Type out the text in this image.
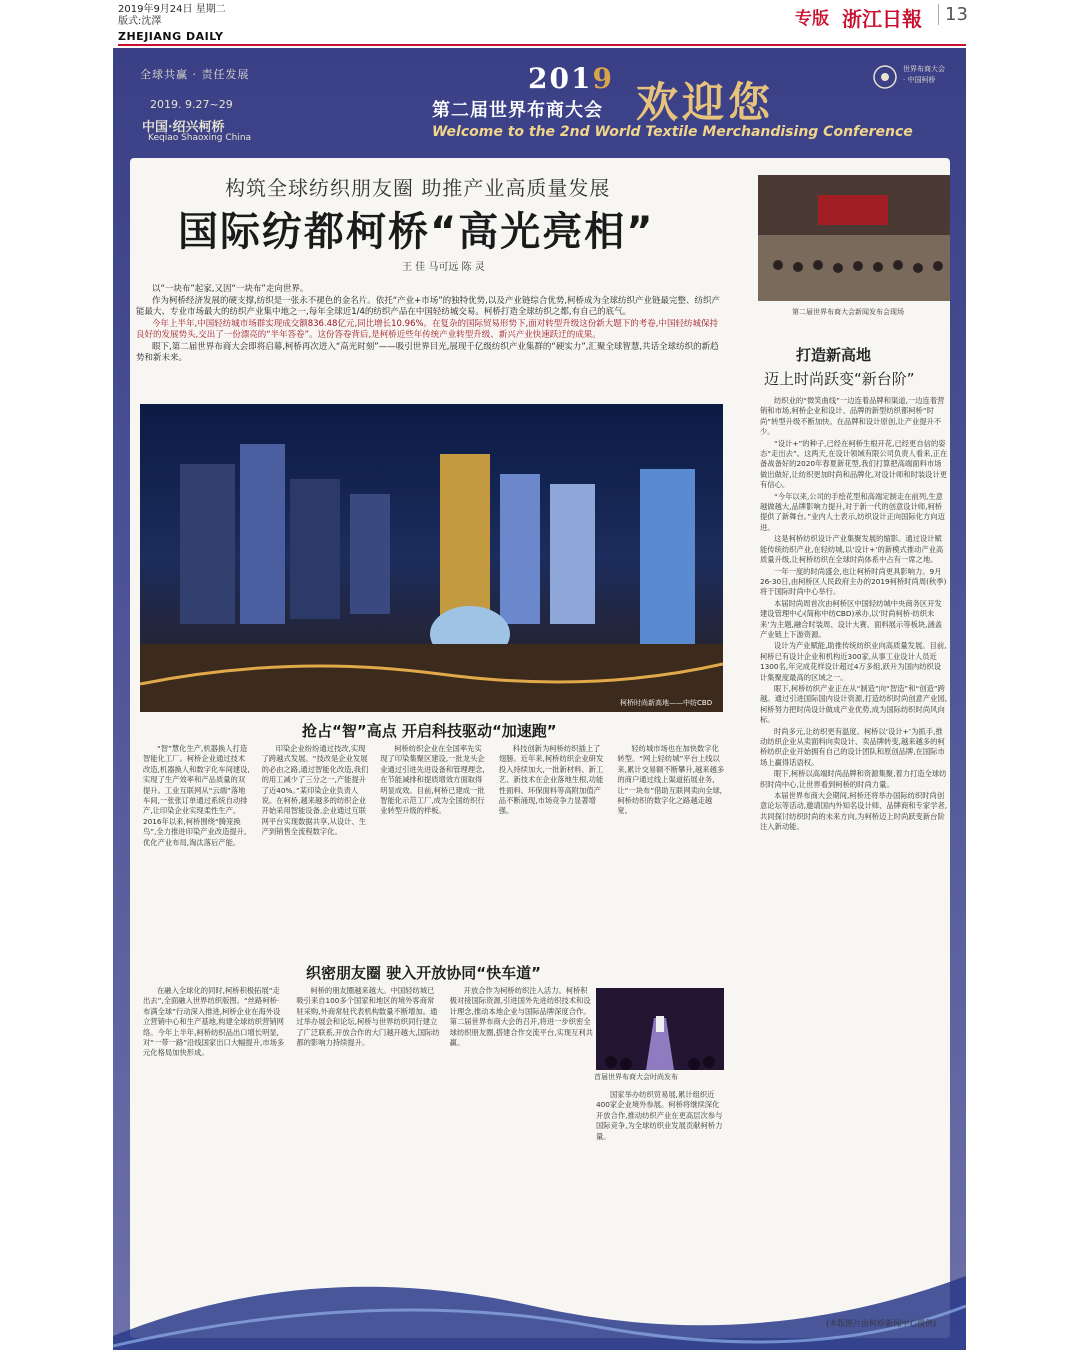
2019年9月24日 星期二
版式:沈澤
ZHEJIANG DAILY
专版 浙江日報	13
全球共赢 · 责任发展
2019. 9.27~29
中国·绍兴柯桥
Keqiao Shaoxing China
2019
第二届世界布商大会 欢迎您
Welcome to the 2nd World Textile Merchandising Conference
世界布商大会 · 中国柯桥
构筑全球纺织朋友圈 助推产业高质量发展
国际纺都柯桥“高光亮相”
王 佳 马可远 陈 灵

以“一块布”起家,又因“一块布”走向世界。

作为柯桥经济发展的硬支撑,纺织是一张永不褪色的金名片。依托“产业+市场”的独特优势,以及产业链综合优势,柯桥成为全球纺织产业链最完整、纺织产能最大、专业市场最大的纺织产业集中地之一,每年全球近1/4的纺织产品在中国轻纺城交易。柯桥打造全球纺织之都,有自己的底气。

今年上半年,中国轻纺城市场群实现成交额836.48亿元,同比增长10.96%。在复杂的国际贸易形势下,面对转型升级这份新大题下的考卷,中国轻纺城保持良好的发展势头,交出了一份漂亮的“半年答卷”。这份答卷背后,是柯桥近些年传统产业转型升级、新兴产业快速跃迁的成果。

眼下,第二届世界布商大会即将启幕,柯桥再次进入“高光时刻”——吸引世界目光,展现千亿级纺织产业集群的“硬实力”,汇聚全球智慧,共话全球纺织的新趋势和新未来。

柯桥时尚新高地——中纺CBD
第二届世界布商大会新闻发布会现场
打造新高地
迈上时尚跃变“新台阶”

纺织业的“微笑曲线”一边连着品牌和渠道,一边连着营销和市场,柯桥企业和设计、品牌的新型纺织都柯桥“时尚”转型升级不断加快。在品牌和设计原创,让产业提升不少。

“设计+”的种子,已经在柯桥生根开花,已经更自信的姿态“走出去”。这两天,在设计领域有限公司负责人看来,正在备战备好的2020年春夏新花型,我们打算把高端面料市场做出做好,让纺织更加时尚和品牌化,对设计师和时装设计更有信心。

“今年以来,公司的手绘花型和高端定制走在前列,生意越做越大,品牌影响力提升,对于新一代的创意设计师,柯桥提供了新舞台。”业内人士表示,纺织设计正向国际化方向迈进。

这是柯桥纺织设计产业集聚发展的缩影。通过设计赋能传统纺织产业,在轻纺城,以‘设计+’的新模式推动产业高质量升级,让柯桥纺织在全球时尚体系中占有一席之地。

一年一度的时尚盛会,也让柯桥时尚更具影响力。9月26-30日,由柯桥区人民政府主办的2019柯桥时尚周(秋季)将于国际时尚中心举行。

本届时尚周首次由柯桥区中国轻纺城中央商务区开发建设管理中心(简称中纺CBD)承办,以‘时尚柯桥·纺织未来’为主题,融合时装周、设计大赛、面料展示等板块,涵盖产业链上下游资源。

设计为产业赋能,助推传统纺织业向高质量发展。目前,柯桥已有设计企业和机构近300家,从事工业设计人员近1300名,年完成花样设计超过4万多组,跃升为国内纺织设计集聚度最高的区域之一。

眼下,柯桥纺织产业正在从“制造”向“智造”和“创造”跨越。通过引进国际国内设计资源,打造纺织时尚创意产业园,柯桥努力把时尚设计做成产业优势,成为国际纺织时尚风向标。

时尚多元,让纺织更有温度。柯桥以‘设计+’为抓手,推动纺织企业从卖面料向卖设计、卖品牌转变,越来越多的柯桥纺织企业开始拥有自己的设计团队和原创品牌,在国际市场上赢得话语权。

眼下,柯桥以高端时尚品牌和资源集聚,着力打造全球纺织时尚中心,让世界看到柯桥的时尚力量。

本届世界布商大会期间,柯桥还将举办国际纺织时尚创意论坛等活动,邀请国内外知名设计师、品牌商和专家学者,共同探讨纺织时尚的未来方向,为柯桥迈上时尚跃变新台阶注入新动能。

抢占“智”高点 开启科技驱动“加速跑”

“智”慧化生产,机器换人打造智能化工厂。柯桥企业通过技术改造,机器换人和数字化车间建设,实现了生产效率和产品质量的双提升。工业互联网从“云端”落地车间,一张张订单通过系统自动排产,让印染企业实现柔性生产。2016年以来,柯桥围绕“腾笼换鸟”,全力推进印染产业改造提升,优化产业布局,淘汰落后产能。

印染企业纷纷通过技改,实现了跨越式发展。“技改是企业发展的必由之路,通过智能化改造,我们的用工减少了三分之一,产能提升了近40%。”某印染企业负责人说。在柯桥,越来越多的纺织企业开始采用智能设备,企业通过互联网平台实现数据共享,从设计、生产到销售全流程数字化。

柯桥纺织企业在全国率先实现了印染集聚区建设,一批龙头企业通过引进先进设备和管理理念,在节能减排和提质增效方面取得明显成效。目前,柯桥已建成一批智能化示范工厂,成为全国纺织行业转型升级的样板。

科技创新为柯桥纺织插上了翅膀。近年来,柯桥纺织企业研发投入持续加大,一批新材料、新工艺、新技术在企业落地生根,功能性面料、环保面料等高附加值产品不断涌现,市场竞争力显著增强。

轻纺城市场也在加快数字化转型。“网上轻纺城”平台上线以来,累计交易额不断攀升,越来越多的商户通过线上渠道拓展业务,让“一块布”借助互联网卖向全球,柯桥纺织的数字化之路越走越宽。

织密朋友圈 驶入开放协同“快车道”

在融入全球化的同时,柯桥积极拓展“走出去”,全面融入世界纺织版图。“丝路柯桥·布满全球”行动深入推进,柯桥企业在海外设立营销中心和生产基地,构建全球纺织营销网络。今年上半年,柯桥纺织品出口增长明显,对“一带一路”沿线国家出口大幅提升,市场多元化格局加快形成。

柯桥的朋友圈越来越大。中国轻纺城已吸引来自100多个国家和地区的境外客商常驻采购,外商常驻代表机构数量不断增加。通过举办展会和论坛,柯桥与世界纺织同行建立了广泛联系,开放合作的大门越开越大,国际纺都的影响力持续提升。

开放合作为柯桥纺织注入活力。柯桥积极对接国际资源,引进国外先进纺织技术和设计理念,推动本地企业与国际品牌深度合作。第二届世界布商大会的召开,将进一步织密全球纺织朋友圈,搭建合作交流平台,实现互利共赢。

首届世界布商大会时尚发布

国家举办纺织贸易展,累计组织近400家企业境外参展。柯桥将继续深化开放合作,推动纺织产业在更高层次参与国际竞争,为全球纺织业发展贡献柯桥力量。

(本版图片由柯桥新闻中心提供)
